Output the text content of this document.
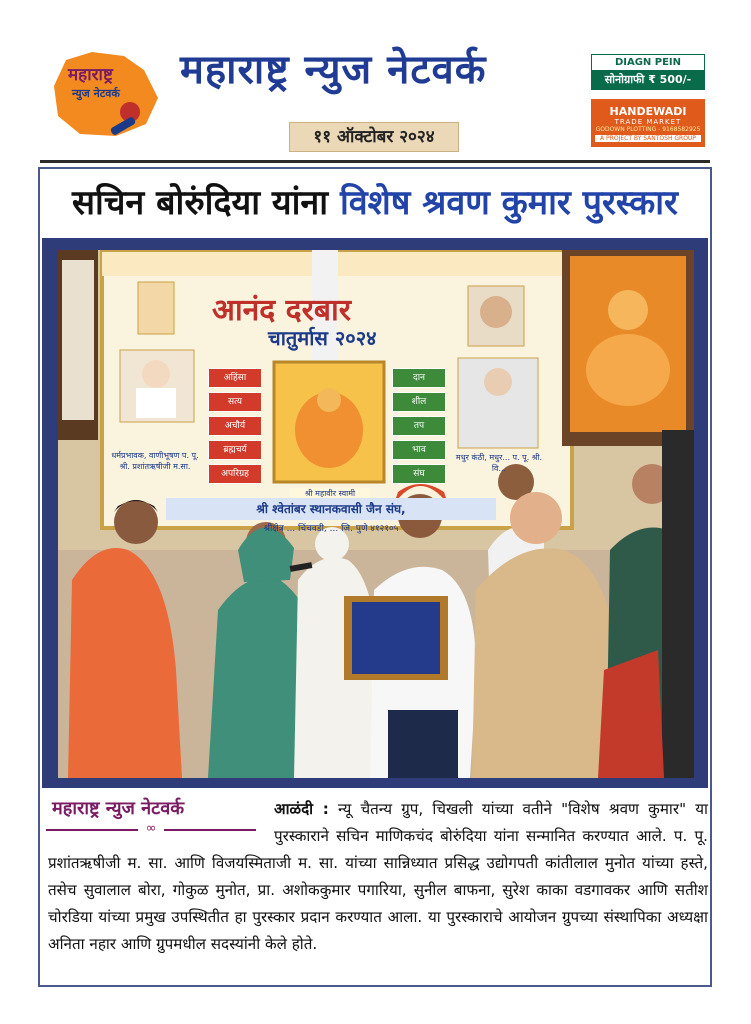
महाराष्ट्र
न्युज नेटवर्क
महाराष्ट्र न्युज नेटवर्क
११ ऑक्टोबर २०२४
DIAGN PEIN
सोनोग्राफी ₹ 500/-
HANDEWADI
TRADE MARKET
GODOWN PLOTTING - 9168582925
A PROJECT BY SANTOSH GROUP
सचिन बोरुंदिया यांना विशेष श्रवण कुमार पुरस्कार
आनंद दरबार
चातुर्मास २०२४
अहिंसा
सत्य
अचौर्य
ब्रह्मचर्य
अपरिग्रह
दान
शील
तप
भाव
संघ
धर्मप्रभावक, वाणीभूषण प. पू. श्री. प्रशांतऋषीजी म.सा.
मधुर कंठी, मधुर... प. पू. श्री. वि...
श्री महावीर स्वामी
श्री श्वेतांबर स्थानकवासी जैन संघ,
श्रीक्षेत्र ... चिंचवडी, ... जि. पुणे ४१२१०५
आळंदी : न्यू चैतन्य ग्रुप, चिखली यांच्या वतीने "विशेष श्रवण कुमार" या पुरस्काराने सचिन माणिकचंद बोरुंदिया यांना सन्मानित करण्यात आले. प. पू. प्रशांतऋषीजी म. सा. आणि विजयस्मिताजी म. सा. यांच्या सान्निध्यात प्रसिद्ध उद्योगपती कांतीलाल मुनोत यांच्या हस्ते, तसेच सुवालाल बोरा, गोकुळ मुनोत, प्रा. अशोककुमार पगारिया, सुनील बाफना, सुरेश काका वडगावकर आणि सतीश चोरडिया यांच्या प्रमुख उपस्थितीत हा पुरस्कार प्रदान करण्यात आला. या पुरस्काराचे आयोजन ग्रुपच्या संस्थापिका अध्यक्षा अनिता नहार आणि ग्रुपमधील सदस्यांनी केले होते.
महाराष्ट्र न्युज नेटवर्क
∞
